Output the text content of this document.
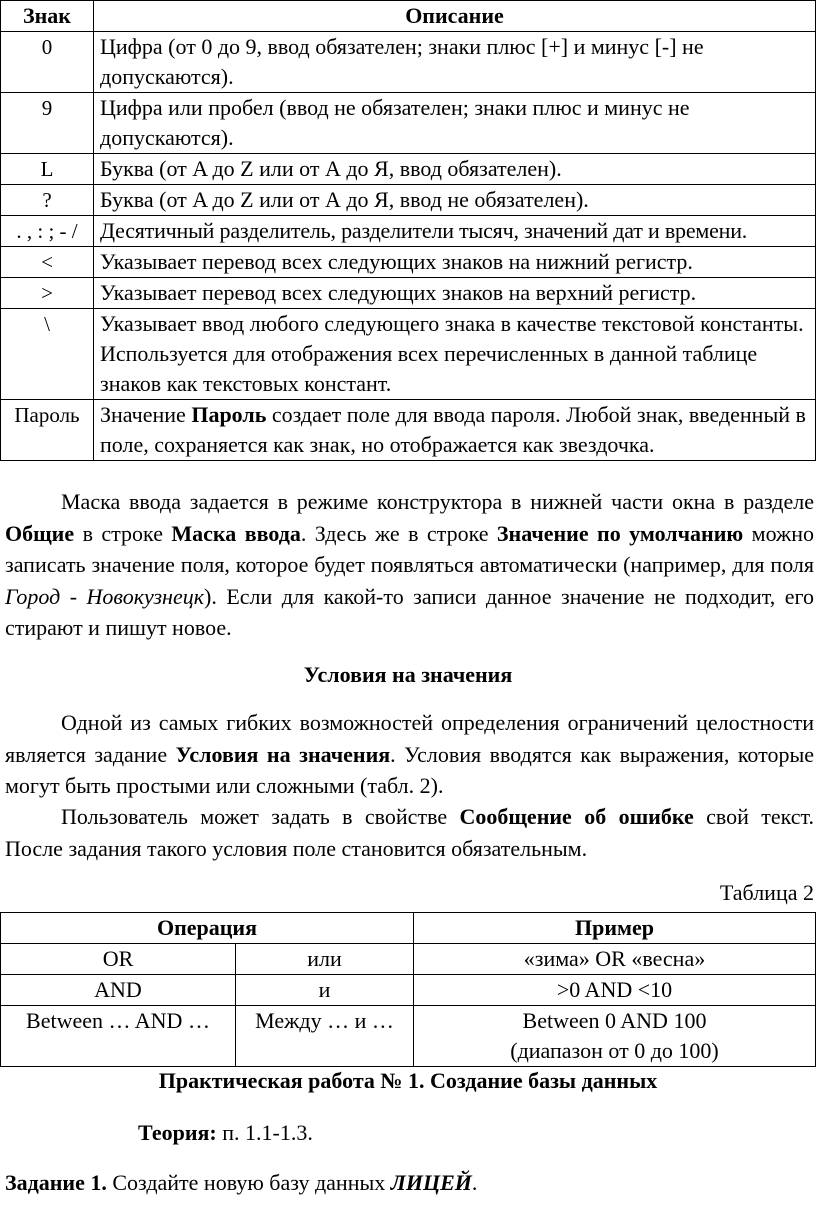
Знак	Описание
0	Цифра (от 0 до 9, ввод обязателен; знаки плюс [+] и минус [-] не допускаются).
9	Цифра или пробел (ввод не обязателен; знаки плюс и минус не допускаются).
L	Буква (от A до Z или от А до Я, ввод обязателен).
?	Буква (от A до Z или от А до Я, ввод не обязателен).
. , : ; - /	Десятичный разделитель, разделители тысяч, значений дат и времени.
<	Указывает перевод всех следующих знаков на нижний регистр.
>	Указывает перевод всех следующих знаков на верхний регистр.
\	Указывает ввод любого следующего знака в качестве текстовой константы. Используется для отображения всех перечисленных в данной таблице знаков как текстовых констант.
Пароль	Значение Пароль создает поле для ввода пароля. Любой знак, введенный в поле, сохраняется как знак, но отображается как звездочка.

Маска ввода задается в режиме конструктора в нижней части окна в разделе Общие в строке Маска ввода. Здесь же в строке Значение по умолчанию можно записать значение поля, которое будет появляться автоматически (например, для поля Город - Новокузнецк). Если для какой-то записи данное значение не подходит, его стирают и пишут новое.

Условия на значения

Одной из самых гибких возможностей определения ограничений целостности является задание Условия на значения. Условия вводятся как выражения, которые могут быть простыми или сложными (табл. 2).

Пользователь может задать в свойстве Сообщение об ошибке свой текст. После задания такого условия поле становится обязательным.

Таблица 2
Операция		Пример
OR	или	«зима» OR «весна»
AND	и	>0 AND <10
Between … AND …	Между … и …	Between 0 AND 100 (диапазон от 0 до 100)
Практическая работа № 1. Создание базы данных
Теория: п. 1.1-1.3.
Задание 1. Создайте новую базу данных ЛИЦЕЙ.
